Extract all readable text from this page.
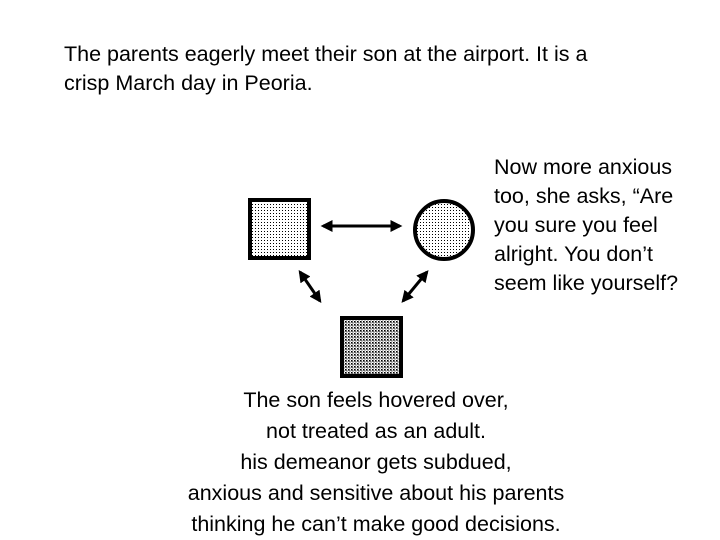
The parents eagerly meet their son at the airport. It is a
crisp March day in Peoria.
Now more anxious
too, she asks, “Are
you sure you feel
alright. You don’t
seem like yourself?
The son feels hovered over,
not treated as an adult.
his demeanor gets subdued,
anxious and sensitive about his parents
thinking he can’t make good decisions.
